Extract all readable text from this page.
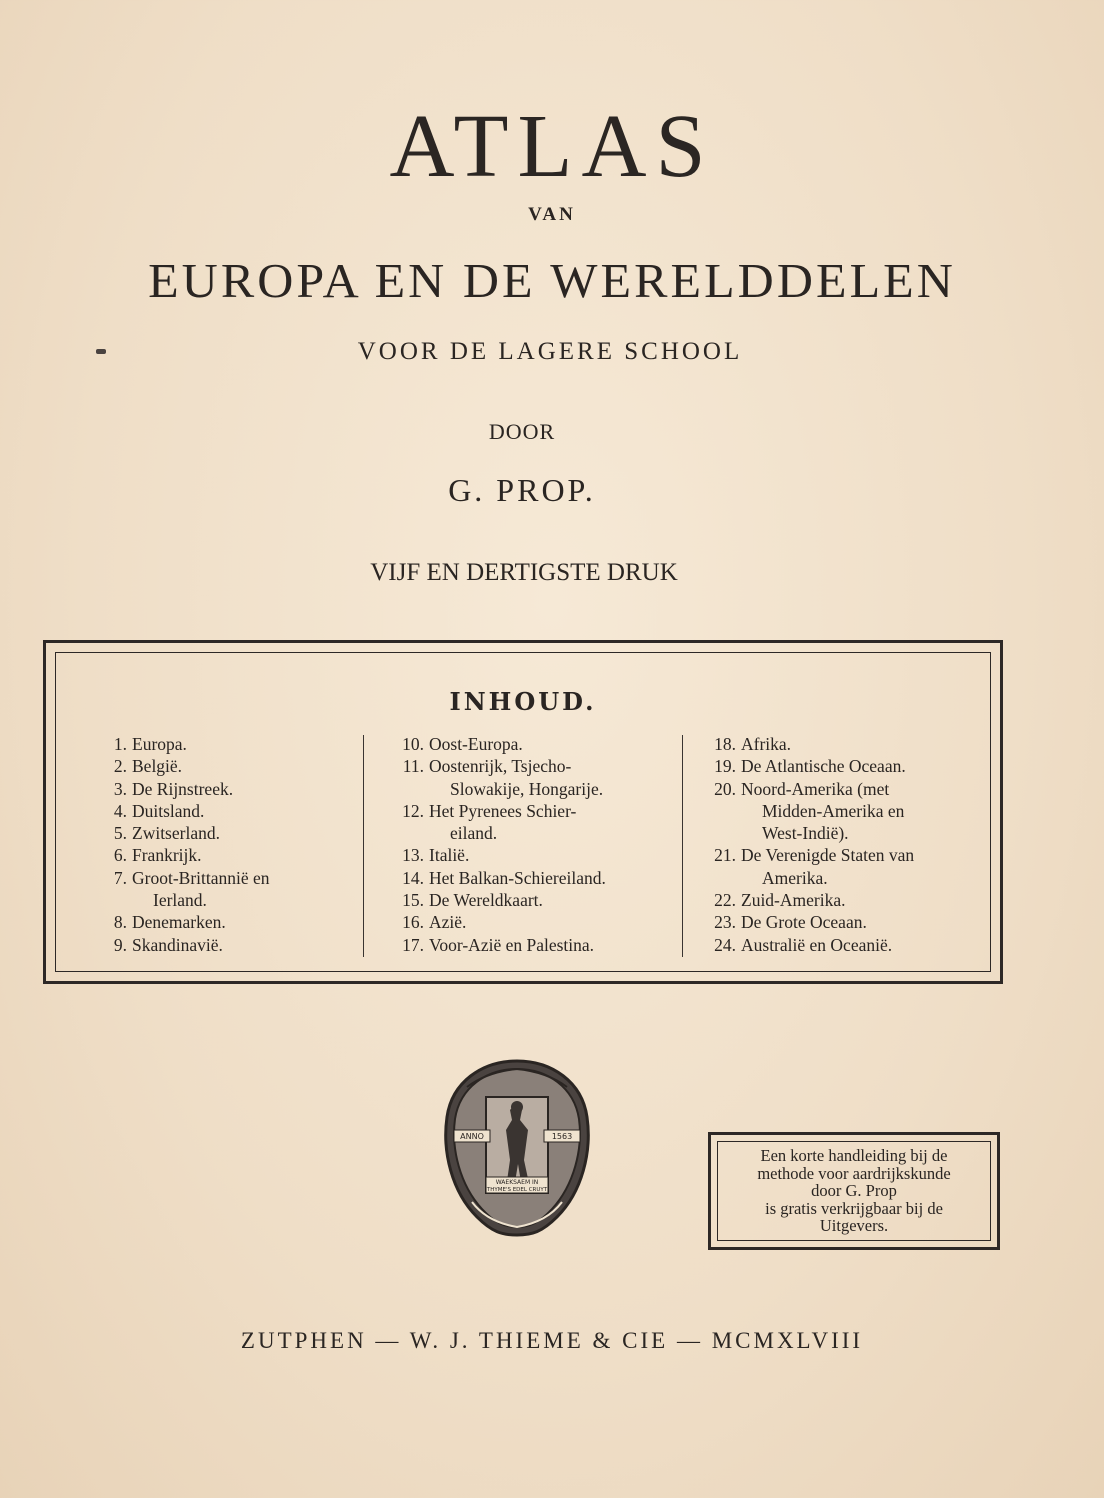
ATLAS
VAN
EUROPA EN DE WERELDDELEN
VOOR DE LAGERE SCHOOL
DOOR
G. PROP.
VIJF EN DERTIGSTE DRUK
INHOUD.
1. Europa.
2. België.
3. De Rijnstreek.
4. Duitsland.
5. Zwitserland.
6. Frankrijk.
7. Groot-Brittannië en
Ierland.
8. Denemarken.
9. Skandinavië.
10. Oost-Europa.
11. Oostenrijk, Tsjecho-
Slowakije, Hongarije.
12. Het Pyrenees Schier-
eiland.
13. Italië.
14. Het Balkan-Schiereiland.
15. De Wereldkaart.
16. Azië.
17. Voor-Azië en Palestina.
18. Afrika.
19. De Atlantische Oceaan.
20. Noord-Amerika (met
Midden-Amerika en
West-Indië).
21. De Verenigde Staten van
Amerika.
22. Zuid-Amerika.
23. De Grote Oceaan.
24. Australië en Oceanië.
ANNO	1563
WAEKSAEM IN
THYME'S EDEL CRUYT
Een korte handleiding bij de
methode voor aardrijkskunde
door G. Prop
is gratis verkrijgbaar bij de
Uitgevers.
ZUTPHEN — W. J. THIEME & CIE — MCMXLVIII
